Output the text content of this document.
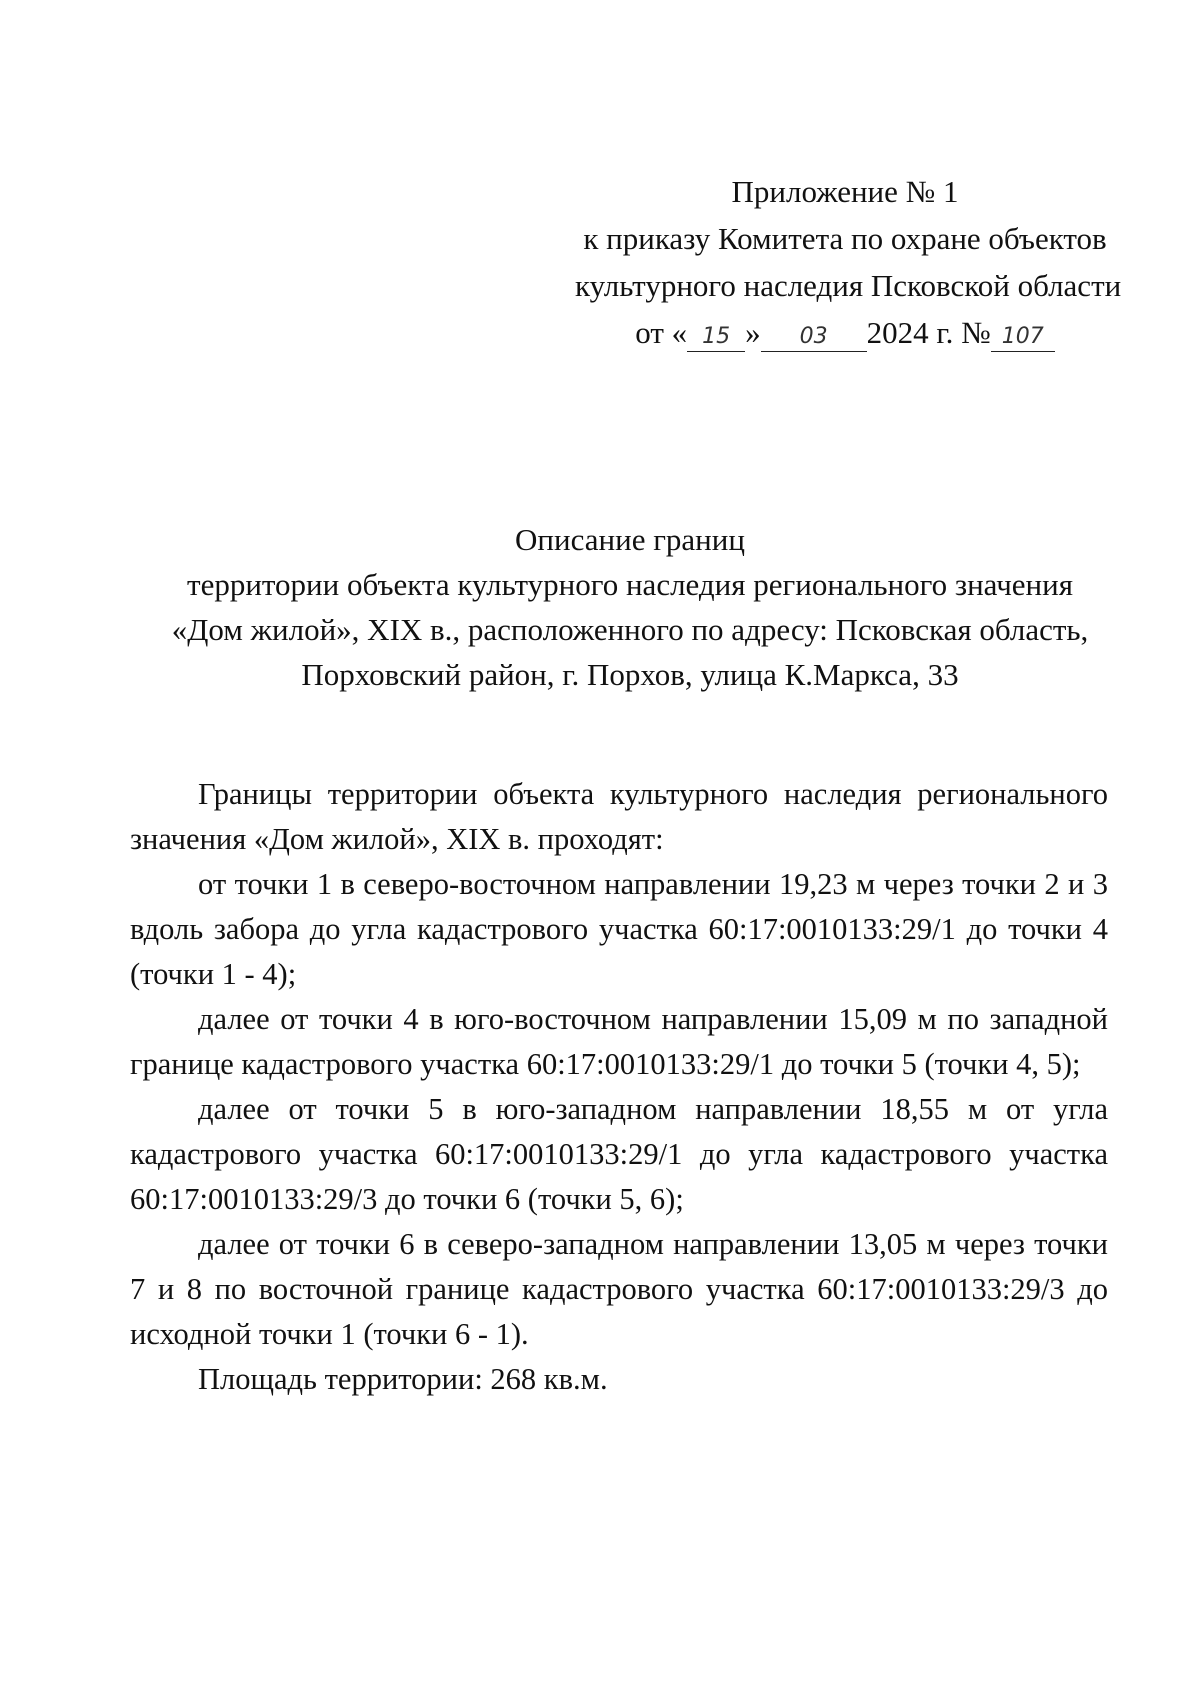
Приложение № 1
к приказу Комитета по охране объектов
культурного наследия Псковской области
от « 15 » 03 2024 г. № 107
Описание границ
территории объекта культурного наследия регионального значения
«Дом жилой», XIX в., расположенного по адресу: Псковская область,
Порховский район, г. Порхов, улица К.Маркса, 33

Границы территории объекта культурного наследия регионального значения «Дом жилой», XIX в. проходят:

от точки 1 в северо-восточном направлении 19,23 м через точки 2 и 3 вдоль забора до угла кадастрового участка 60:17:0010133:29/1 до точки 4 (точки 1 - 4);

далее от точки 4 в юго-восточном направлении 15,09 м по западной границе кадастрового участка 60:17:0010133:29/1 до точки 5 (точки 4, 5);

далее от точки 5 в юго-западном направлении 18,55 м от угла кадастрового участка 60:17:0010133:29/1 до угла кадастрового участка 60:17:0010133:29/3 до точки 6 (точки 5, 6);

далее от точки 6 в северо-западном направлении 13,05 м через точки 7 и 8 по восточной границе кадастрового участка 60:17:0010133:29/3 до исходной точки 1 (точки 6 - 1).

Площадь территории: 268 кв.м.
